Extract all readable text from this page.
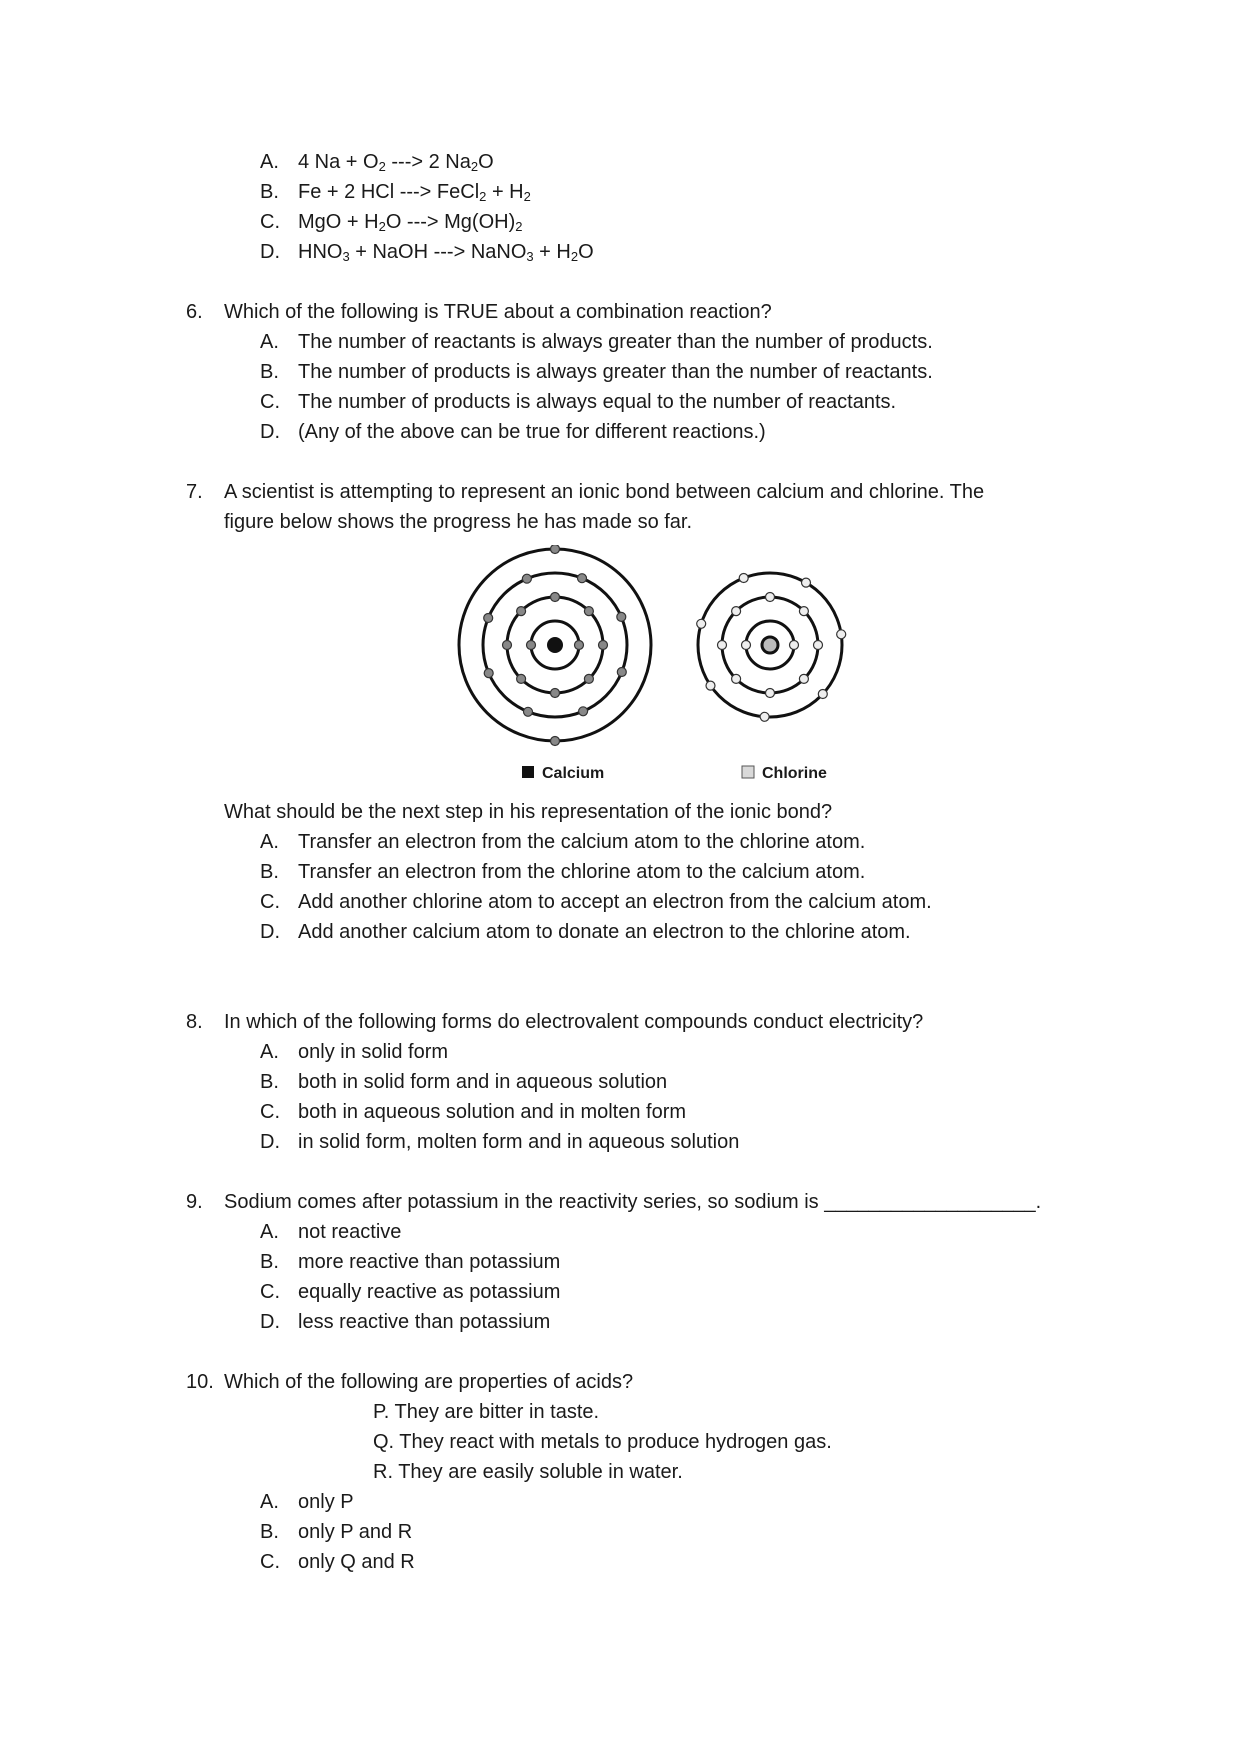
A. 4 $Na + O_2$ ---> 2 $Na_2O$
B. Fe + 2 HCl ---> FeCl$_2$ + $H_2$
C. MgO + $H_2O$ ---> $Mg(OH)_2$
D. $HNO_3$ + NaOH ---> NaNO$_3$ + $H_2O$
6. Which of the following is TRUE about a combination reaction?
A. The number of reactants is always greater than the number of products.
B. The number of products is always greater than the number of reactants.
C. The number of products is always equal to the number of reactants.
D. (Any of the above can be true for different reactions.)
7. A scientist is attempting to represent an ionic bond between calcium and chlorine. The
figure below shows the progress he has made so far.
Calcium	Chlorine
What should be the next step in his representation of the ionic bond?
A. Transfer an electron from the calcium atom to the chlorine atom.
B. Transfer an electron from the chlorine atom to the calcium atom.
C. Add another chlorine atom to accept an electron from the calcium atom.
D. Add another calcium atom to donate an electron to the chlorine atom.
8. In which of the following forms do electrovalent compounds conduct electricity?
A. only in solid form
B. both in solid form and in aqueous solution
C. both in aqueous solution and in molten form
D. in solid form, molten form and in aqueous solution
9. Sodium comes after potassium in the reactivity series, so sodium is ___________________.
A. not reactive
B. more reactive than potassium
C. equally reactive as potassium
D. less reactive than potassium
10. Which of the following are properties of acids?
P. They are bitter in taste.
Q. They react with metals to produce hydrogen gas.
R. They are easily soluble in water.
A. only P
B. only P and R
C. only Q and R
